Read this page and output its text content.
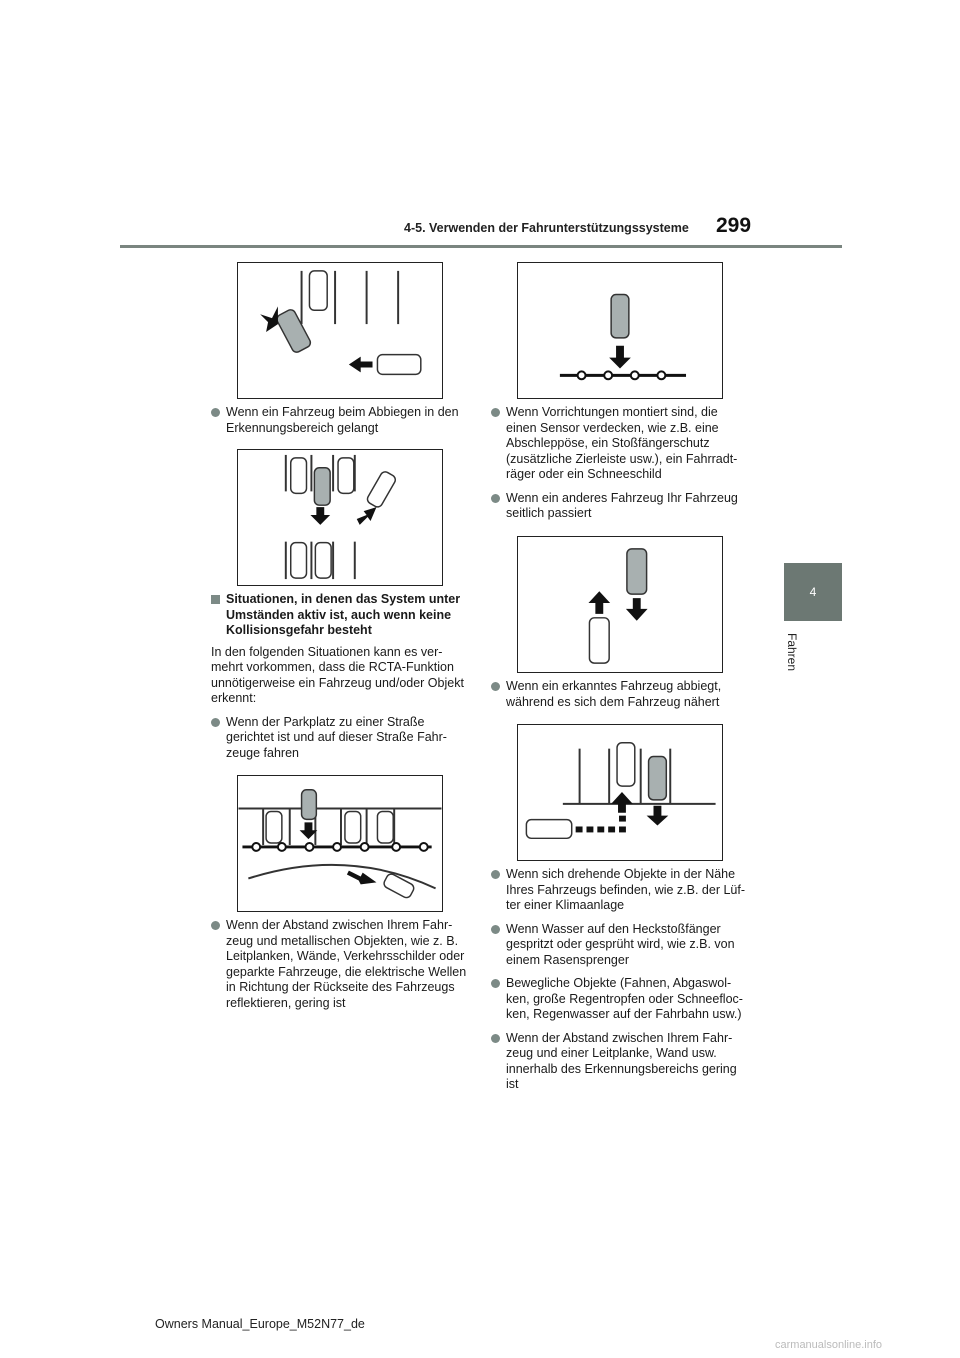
4-5. Verwenden der Fahrunterstützungssysteme 299
4
Fahren
Wenn ein Fahrzeug beim Abbiegen in den Erkennungsbereich gelangt
Situationen, in denen das System unter Umständen aktiv ist, auch wenn keine Kollisionsgefahr besteht
In den folgenden Situationen kann es ver-mehrt vorkommen, dass die RCTA-Funktion unnötigerweise ein Fahrzeug und/oder Objekt erkennt:
Wenn der Parkplatz zu einer Straße gerichtet ist und auf dieser Straße Fahr-zeuge fahren
Wenn der Abstand zwischen Ihrem Fahr-zeug und metallischen Objekten, wie z. B. Leitplanken, Wände, Verkehrsschilder oder geparkte Fahrzeuge, die elektrische Wellen in Richtung der Rückseite des Fahrzeugs reflektieren, gering ist
Wenn Vorrichtungen montiert sind, die einen Sensor verdecken, wie z.B. eine Abschleppöse, ein Stoßfängerschutz (zusätzliche Zierleiste usw.), ein Fahrradt-räger oder ein Schneeschild
Wenn ein anderes Fahrzeug Ihr Fahrzeug seitlich passiert
Wenn ein erkanntes Fahrzeug abbiegt, während es sich dem Fahrzeug nähert
Wenn sich drehende Objekte in der Nähe Ihres Fahrzeugs befinden, wie z.B. der Lüf-ter einer Klimaanlage
Wenn Wasser auf den Heckstoßfänger gespritzt oder gesprüht wird, wie z.B. von einem Rasensprenger
Bewegliche Objekte (Fahnen, Abgaswol-ken, große Regentropfen oder Schneefloc-ken, Regenwasser auf der Fahrbahn usw.)
Wenn der Abstand zwischen Ihrem Fahr-zeug und einer Leitplanke, Wand usw. innerhalb des Erkennungsbereichs gering ist
Owners Manual_Europe_M52N77_de
carmanualsonline.info
